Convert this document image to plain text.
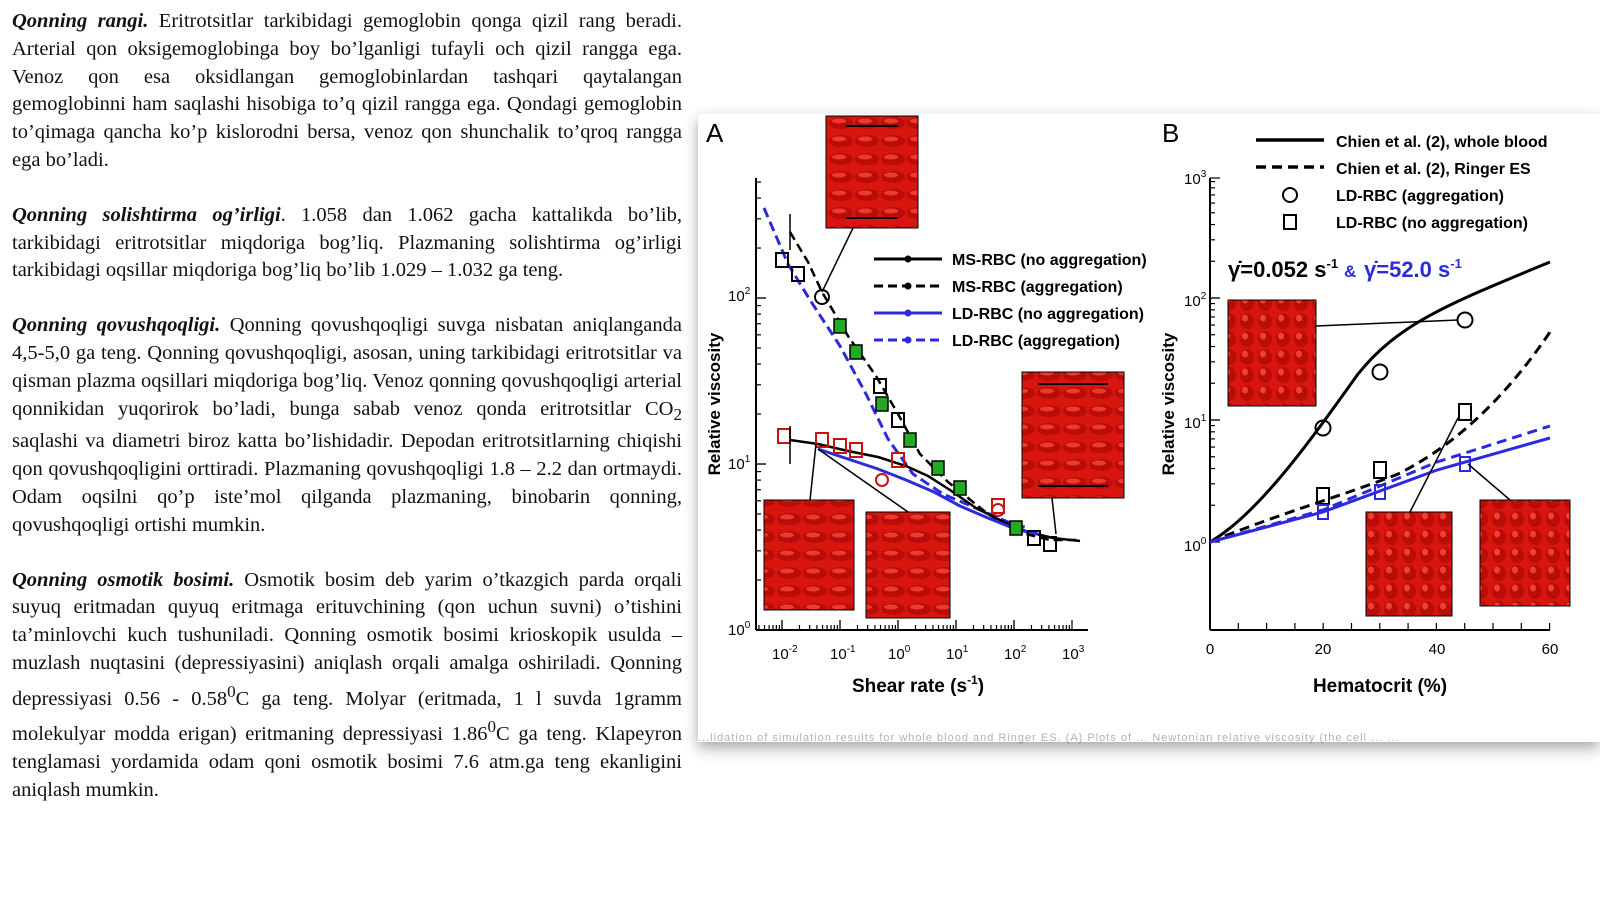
Qonning rangi. Eritrotsitlar tarkibidagi gemoglobin qonga qizil rang beradi. Arterial qon oksigemoglobinga boy bo’lganligi tufayli och qizil rangga ega. Venoz qon esa oksidlangan gemoglobinlardan tashqari qaytalangan gemoglobinni ham saqlashi hisobiga to’q qizil rangga ega. Qondagi gemoglobin to’qimaga qancha ko’p kislorodni bersa, venoz qon shunchalik to’qroq rangga ega bo’ladi.

Qonning solishtirma og’irligi. 1.058 dan 1.062 gacha kattalikda bo’lib, tarkibidagi eritrotsitlar miqdoriga bog’liq. Plazmaning solishtirma og’irligi tarkibidagi oqsillar miqdoriga bog’liq bo’lib 1.029 – 1.032 ga teng.

Qonning qovushqoqligi. Qonning qovushqoqligi suvga nisbatan aniqlanganda 4,5-5,0 ga teng. Qonning qovushqoqligi, asosan, uning tarkibidagi eritrotsitlar va qisman plazma oqsillari miqdoriga bog’liq. Venoz qonning qovushqoqligi arterial qonnikidan yuqorirok bo’ladi, bunga sabab venoz qonda eritrotsitlar $CO_2$ saqlashi va diametri biroz katta bo’lishidadir. Depodan eritrotsitlarning chiqishi qon qovushqoqligini orttiradi. Plazmaning qovushqoqligi 1.8 – 2.2 dan ortmaydi. Odam oqsilni qo’p iste’mol qilganda plazmaning, binobarin qonning, qovushqoqligi ortishi mumkin.

Qonning osmotik bosimi. Osmotik bosim deb yarim o’tkazgich parda orqali suyuq eritmadan quyuq eritmaga erituvchining (qon uchun suvni) o’tishini ta’minlovchi kuch tushuniladi. Qonning osmotik bosimi krioskopik usulda – muzlash nuqtasini (depressiyasini) aniqlash orqali amalga oshiriladi. Qonning depressiyasi 0.56 - 0.58$^0$C ga teng. Molyar (eritmada, 1 l suvda 1gramm molekulyar modda erigan) eritmaning depressiyasi 1.86$^0$C ga teng. Klapeyron tenglamasi yordamida odam qoni osmotik bosimi 7.6 atm.ga teng ekanligini aniqlash mumkin.

A	B
Relative viscosity
$10^0$
$10^1$
$10^2$
$10^{-2}$ $10^{-1}$ $10^0$ $10^1$ $10^2$ $10^3$
Shear rate $(s^{-1})$
MS-RBC (no aggregation)
MS-RBC (aggregation)
LD-RBC (no aggregation)
LD-RBC (aggregation) Relative viscosity
$10^0$
$10^1$
$10^2$
$10^3$
0	20	40	60
Hematocrit (%)
Chien et al. (2), whole blood
Chien et al. (2), Ringer ES
LD-RBC (aggregation)
LD-RBC (no aggregation)
γ̇=0.052 $s^{-1}$ & γ̇=52.0 $s^{-1}$
...lidation of simulation results for whole blood and Ringer ES. (A) Plots of ... Newtonian relative viscosity (the cell ... ...
